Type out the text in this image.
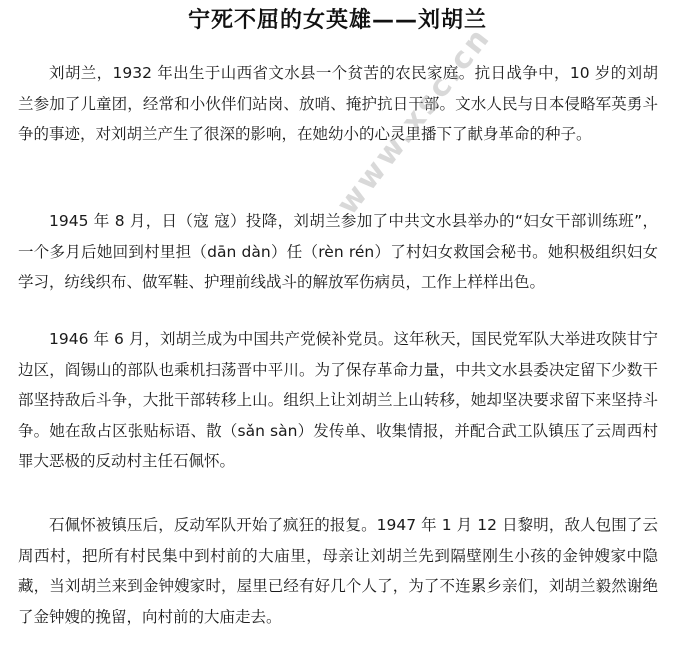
宁死不屈的女英雄——刘胡兰

刘胡兰，1932 年出生于山西省文水县一个贫苦的农民家庭。抗日战争中，10 岁的刘胡兰参加了儿童团，经常和小伙伴们站岗、放哨、掩护抗日干部。文水人民与日本侵略军英勇斗争的事迹，对刘胡兰产生了很深的影响，在她幼小的心灵里播下了献身革命的种子。

1945 年 8 月，日（寇 寇）投降，刘胡兰参加了中共文水县举办的“妇女干部训练班”，一个多月后她回到村里担（dān dàn）任（rèn rén）了村妇女救国会秘书。她积极组织妇女学习，纺线织布、做军鞋、护理前线战斗的解放军伤病员，工作上样样出色。

1946 年 6 月，刘胡兰成为中国共产党候补党员。这年秋天，国民党军队大举进攻陕甘宁边区，阎锡山的部队也乘机扫荡晋中平川。为了保存革命力量，中共文水县委决定留下少数干部坚持敌后斗争，大批干部转移上山。组织上让刘胡兰上山转移，她却坚决要求留下来坚持斗争。她在敌占区张贴标语、散（sǎn sàn）发传单、收集情报，并配合武工队镇压了云周西村罪大恶极的反动村主任石佩怀。

石佩怀被镇压后，反动军队开始了疯狂的报复。1947 年 1 月 12 日黎明，敌人包围了云周西村，把所有村民集中到村前的大庙里，母亲让刘胡兰先到隔壁刚生小孩的金钟嫂家中隐藏，当刘胡兰来到金钟嫂家时，屋里已经有好几个人了，为了不连累乡亲们，刘胡兰毅然谢绝了金钟嫂的挽留，向村前的大庙走去。

www.xsc.cn
